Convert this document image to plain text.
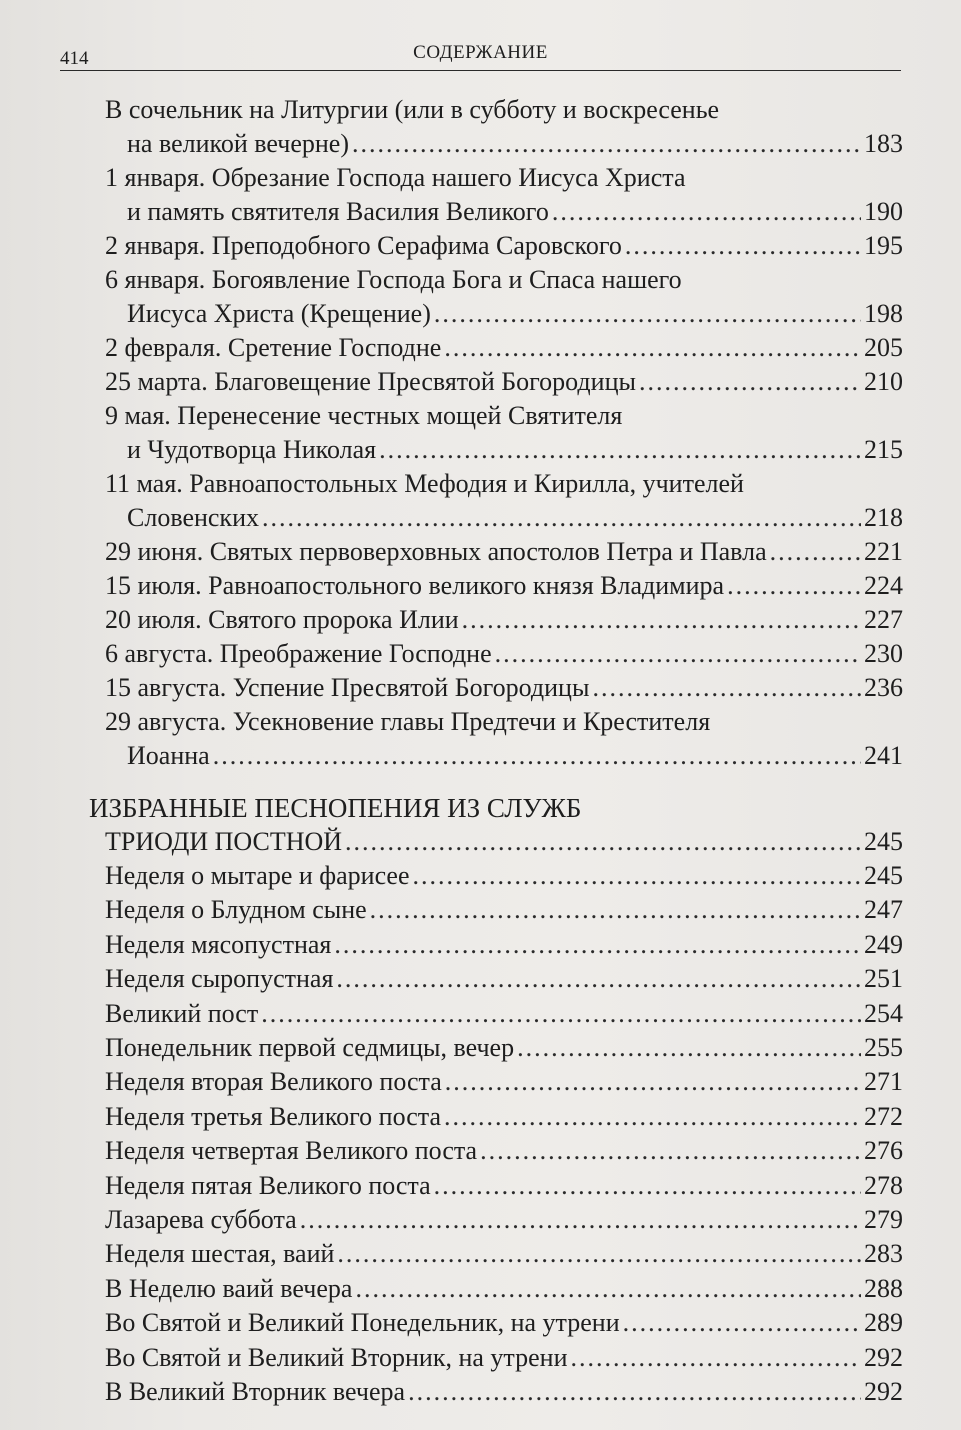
414	СОДЕРЖАНИЕ
В сочельник на Литургии (или в субботу и воскресенье
на великой вечерне) .....	183
1 января. Обрезание Господа нашего Иисуса Христа
и память святителя Василия Великого .....	190
2 января. Преподобного Серафима Саровского .....	195
6 января. Богоявление Господа Бога и Спаса нашего
Иисуса Христа (Крещение) .....	198
2 февраля. Сретение Господне .....	205
25 марта. Благовещение Пресвятой Богородицы .....	210
9 мая. Перенесение честных мощей Святителя
и Чудотворца Николая .....	215
11 мая. Равноапостольных Мефодия и Кирилла, учителей
Словенских .....	218
29 июня. Святых первоверховных апостолов Петра и Павла .....	221
15 июля. Равноапостольного великого князя Владимира .....	224
20 июля. Святого пророка Илии .....	227
6 августа. Преображение Господне .....	230
15 августа. Успение Пресвятой Богородицы .....	236
29 августа. Усекновение главы Предтечи и Крестителя
Иоанна .....	241
ИЗБРАННЫЕ ПЕСНОПЕНИЯ ИЗ СЛУЖБ
ТРИОДИ ПОСТНОЙ .....	245
Неделя о мытаре и фарисее .....	245
Неделя о Блудном сыне .....	247
Неделя мясопустная .....	249
Неделя сыропустная .....	251
Великий пост .....	254
Понедельник первой седмицы, вечер .....	255
Неделя вторая Великого поста .....	271
Неделя третья Великого поста .....	272
Неделя четвертая Великого поста .....	276
Неделя пятая Великого поста .....	278
Лазарева суббота .....	279
Неделя шестая, ваий .....	283
В Неделю ваий вечера .....	288
Во Святой и Великий Понедельник, на утрени .....	289
Во Святой и Великий Вторник, на утрени .....	292
В Великий Вторник вечера .....	292
